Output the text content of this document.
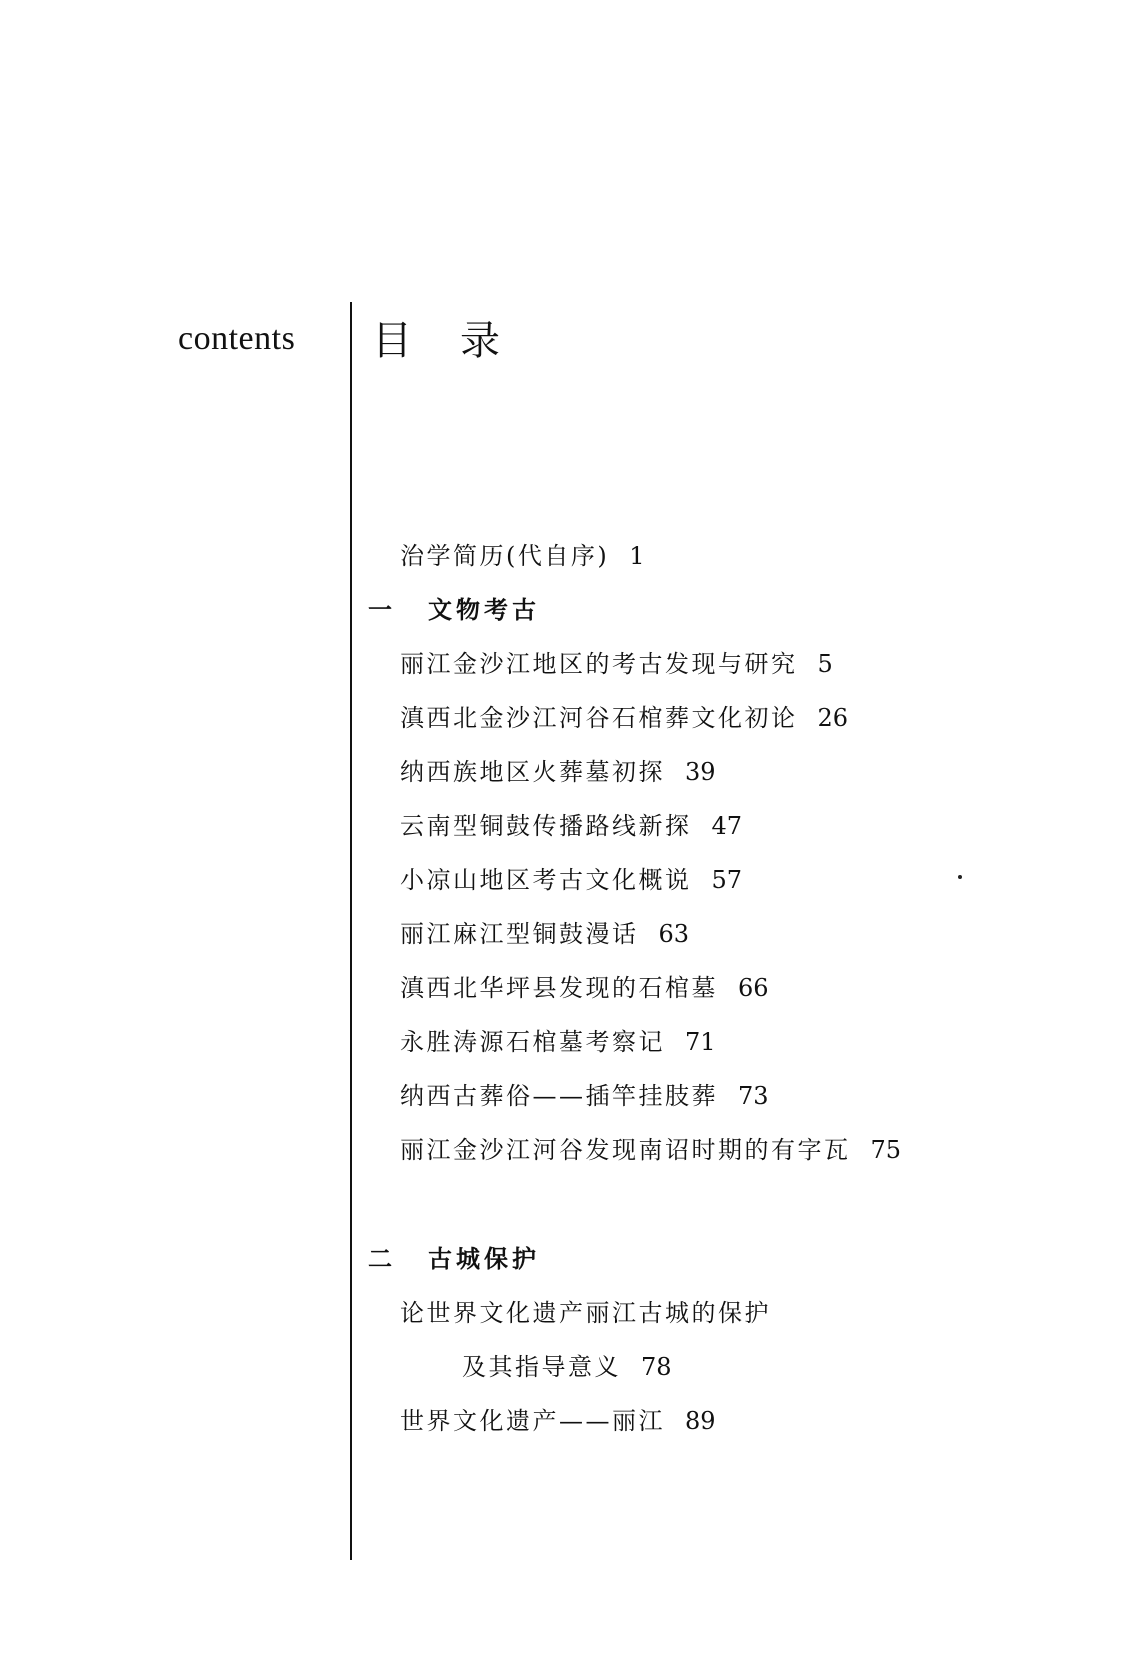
contents 目录
治学简历(代自序) 1
一 文物考古
丽江金沙江地区的考古发现与研究 5
滇西北金沙江河谷石棺葬文化初论 26
纳西族地区火葬墓初探 39
云南型铜鼓传播路线新探 47
小凉山地区考古文化概说 57
丽江麻江型铜鼓漫话 63
滇西北华坪县发现的石棺墓 66
永胜涛源石棺墓考察记 71
纳西古葬俗——插竿挂肢葬 73
丽江金沙江河谷发现南诏时期的有字瓦 75
二 古城保护
论世界文化遗产丽江古城的保护
及其指导意义 78
世界文化遗产——丽江 89
